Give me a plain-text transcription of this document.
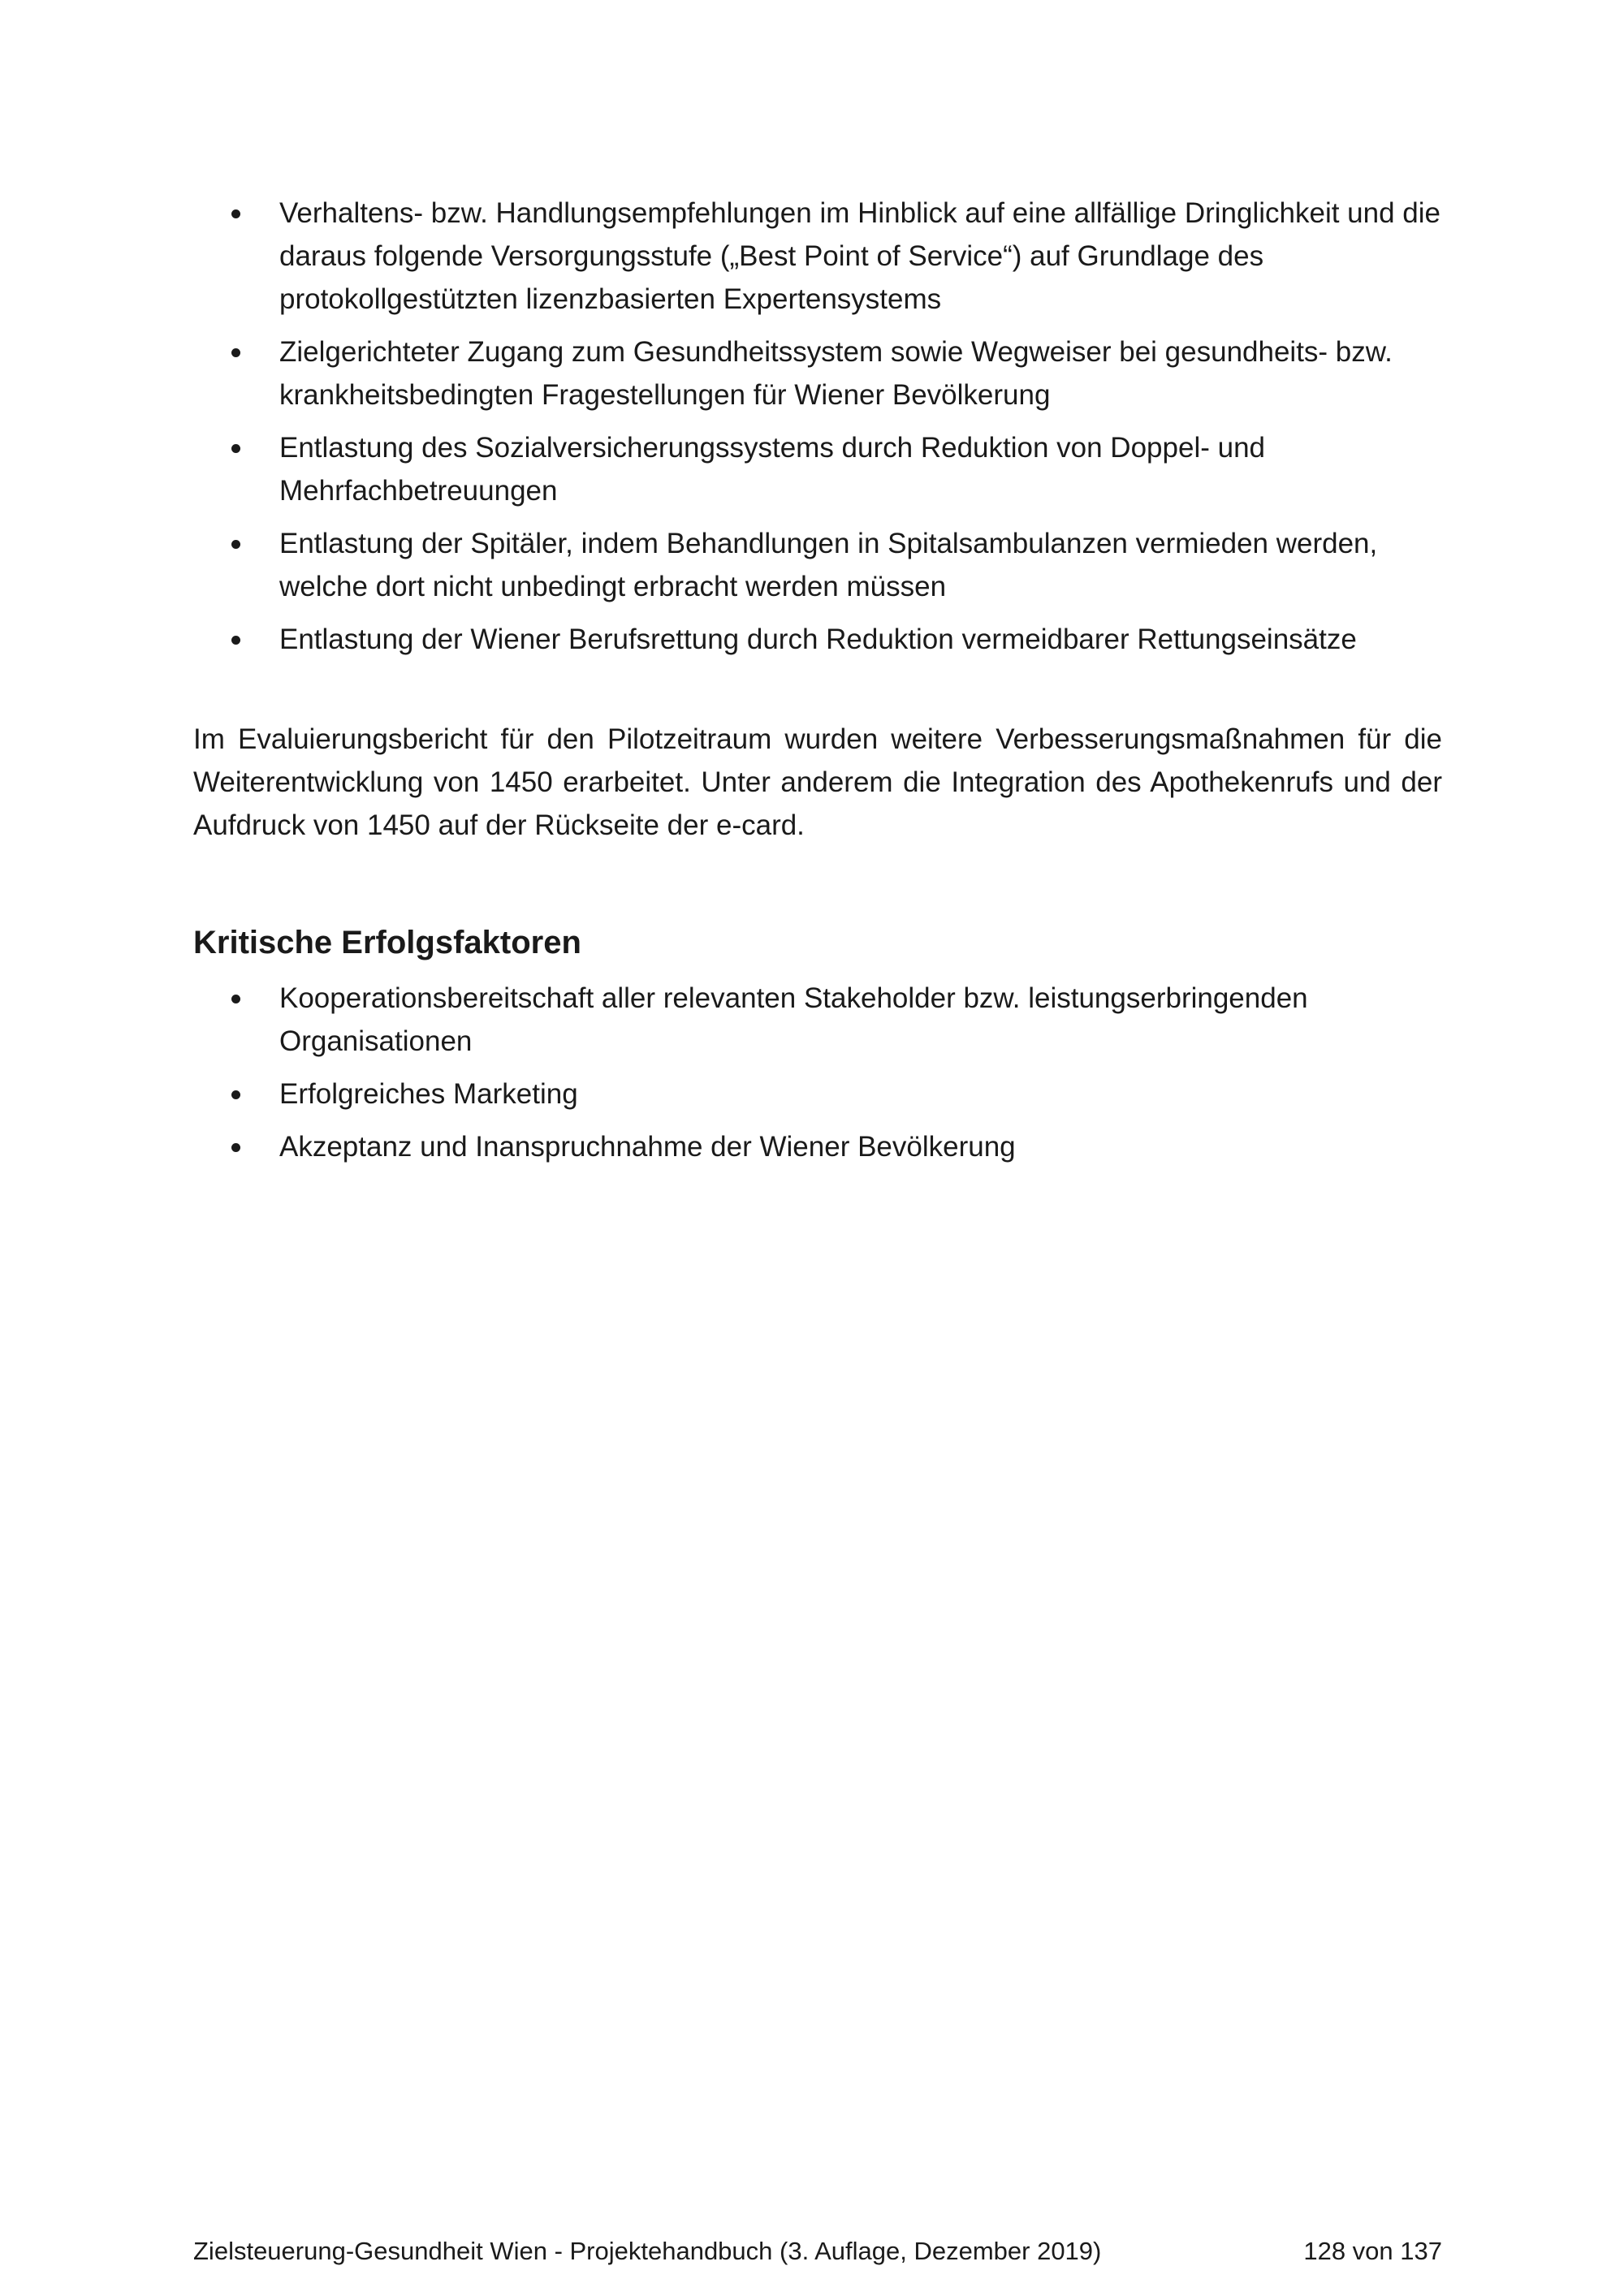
Verhaltens- bzw. Handlungsempfehlungen im Hinblick auf eine allfällige Dringlichkeit und die daraus folgende Versorgungsstufe („Best Point of Service“) auf Grundlage des protokollgestützten lizenzbasierten Expertensystems
Zielgerichteter Zugang zum Gesundheitssystem sowie Wegweiser bei gesundheits- bzw. krankheitsbedingten Fragestellungen für Wiener Bevölkerung
Entlastung des Sozialversicherungssystems durch Reduktion von Doppel- und Mehrfachbetreuungen
Entlastung der Spitäler, indem Behandlungen in Spitalsambulanzen vermieden werden, welche dort nicht unbedingt erbracht werden müssen
Entlastung der Wiener Berufsrettung durch Reduktion vermeidbarer Rettungseinsätze

Im Evaluierungsbericht für den Pilotzeitraum wurden weitere Verbesserungsmaßnahmen für die Weiterentwicklung von 1450 erarbeitet. Unter anderem die Integration des Apothekenrufs und der Aufdruck von 1450 auf der Rückseite der e-card.

Kritische Erfolgsfaktoren
Kooperationsbereitschaft aller relevanten Stakeholder bzw. leistungserbringenden Organisationen
Erfolgreiches Marketing
Akzeptanz und Inanspruchnahme der Wiener Bevölkerung
Zielsteuerung-Gesundheit Wien - Projektehandbuch (3. Auflage, Dezember 2019)	128 von 137
